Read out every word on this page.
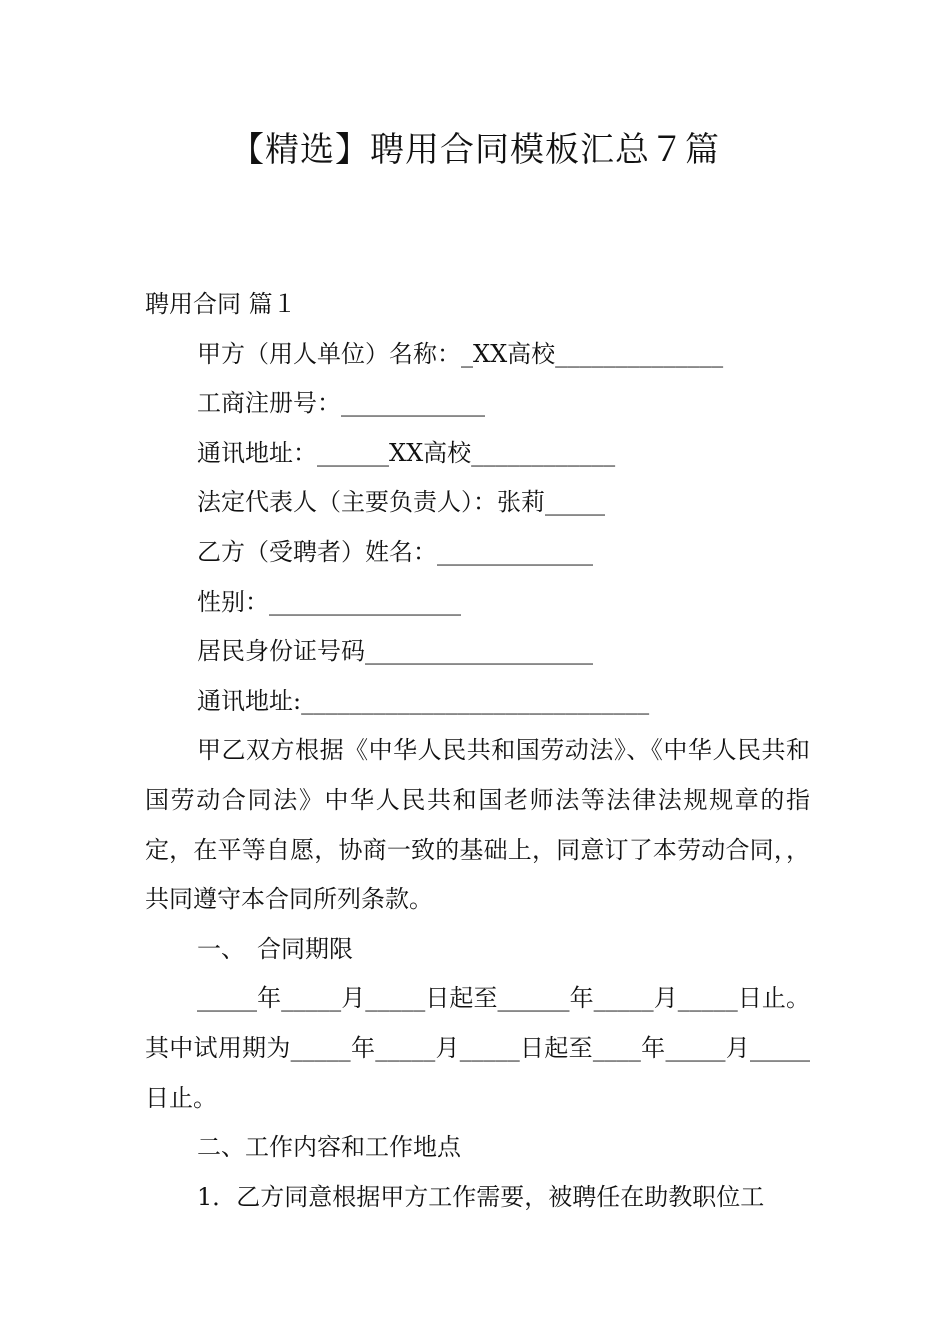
【精选】聘用合同模板汇总７篇
聘用合同 篇１
甲方（用人单位）名称：_XX高校______________
工商注册号：____________
通讯地址：______XX高校____________
法定代表人（主要负责人）：张莉_____
乙方（受聘者）姓名：_____________
性别：________________
居民身份证号码___________________
通讯地址:_____________________________
甲乙双方根据《中华人民共和国劳动法》、《中华人民共和国劳动合同法》中华人民共和国老师法等法律法规规章的指定，在平等自愿，协商一致的基础上，同意订了本劳动合同，，共同遵守本合同所列条款。
一、　合同期限
_____年_____月_____日起至______年_____月_____日止。其中试用期为_____年_____月_____日起至____年_____月_____日止。
二、工作内容和工作地点
1．乙方同意根据甲方工作需要，被聘任在助教职位工
